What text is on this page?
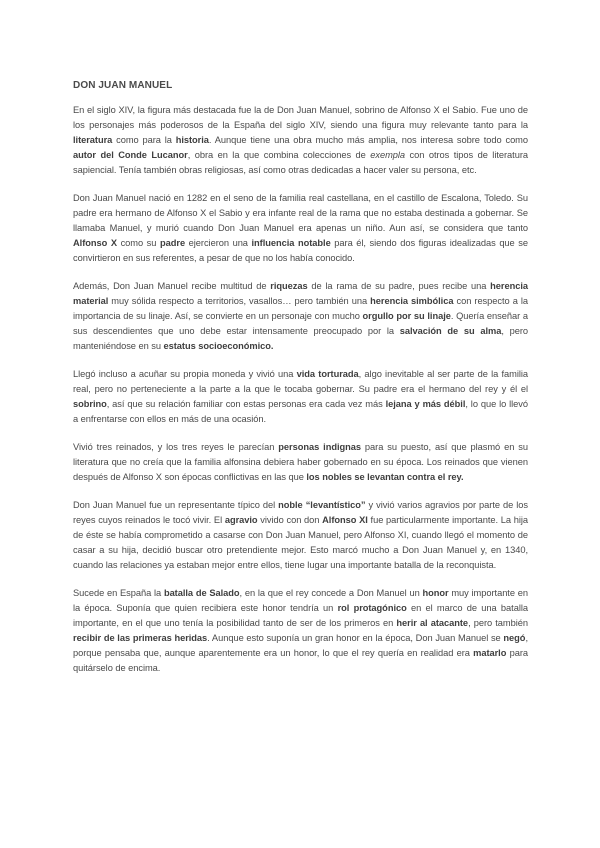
DON JUAN MANUEL

En el siglo XIV, la figura más destacada fue la de Don Juan Manuel, sobrino de Alfonso X el Sabio. Fue uno de los personajes más poderosos de la España del siglo XIV, siendo una figura muy relevante tanto para la literatura como para la historia. Aunque tiene una obra mucho más amplia, nos interesa sobre todo como autor del Conde Lucanor, obra en la que combina colecciones de exempla con otros tipos de literatura sapiencial. Tenía también obras religiosas, así como otras dedicadas a hacer valer su persona, etc.

Don Juan Manuel nació en 1282 en el seno de la familia real castellana, en el castillo de Escalona, Toledo. Su padre era hermano de Alfonso X el Sabio y era infante real de la rama que no estaba destinada a gobernar. Se llamaba Manuel, y murió cuando Don Juan Manuel era apenas un niño. Aun así, se considera que tanto Alfonso X como su padre ejercieron una influencia notable para él, siendo dos figuras idealizadas que se convirtieron en sus referentes, a pesar de que no los había conocido.

Además, Don Juan Manuel recibe multitud de riquezas de la rama de su padre, pues recibe una herencia material muy sólida respecto a territorios, vasallos… pero también una herencia simbólica con respecto a la importancia de su linaje. Así, se convierte en un personaje con mucho orgullo por su linaje. Quería enseñar a sus descendientes que uno debe estar intensamente preocupado por la salvación de su alma, pero manteniéndose en su estatus socioeconómico.

Llegó incluso a acuñar su propia moneda y vivió una vida torturada, algo inevitable al ser parte de la familia real, pero no perteneciente a la parte a la que le tocaba gobernar. Su padre era el hermano del rey y él el sobrino, así que su relación familiar con estas personas era cada vez más lejana y más débil, lo que lo llevó a enfrentarse con ellos en más de una ocasión.

Vivió tres reinados, y los tres reyes le parecían personas indignas para su puesto, así que plasmó en su literatura que no creía que la familia alfonsina debiera haber gobernado en su época. Los reinados que vienen después de Alfonso X son épocas conflictivas en las que los nobles se levantan contra el rey.

Don Juan Manuel fue un representante típico del noble “levantístico” y vivió varios agravios por parte de los reyes cuyos reinados le tocó vivir. El agravio vivido con don Alfonso XI fue particularmente importante. La hija de éste se había comprometido a casarse con Don Juan Manuel, pero Alfonso XI, cuando llegó el momento de casar a su hija, decidió buscar otro pretendiente mejor. Esto marcó mucho a Don Juan Manuel y, en 1340, cuando las relaciones ya estaban mejor entre ellos, tiene lugar una importante batalla de la reconquista.

Sucede en España la batalla de Salado, en la que el rey concede a Don Manuel un honor muy importante en la época. Suponía que quien recibiera este honor tendría un rol protagónico en el marco de una batalla importante, en el que uno tenía la posibilidad tanto de ser de los primeros en herir al atacante, pero también recibir de las primeras heridas. Aunque esto suponía un gran honor en la época, Don Juan Manuel se negó, porque pensaba que, aunque aparentemente era un honor, lo que el rey quería en realidad era matarlo para quitárselo de encima.
